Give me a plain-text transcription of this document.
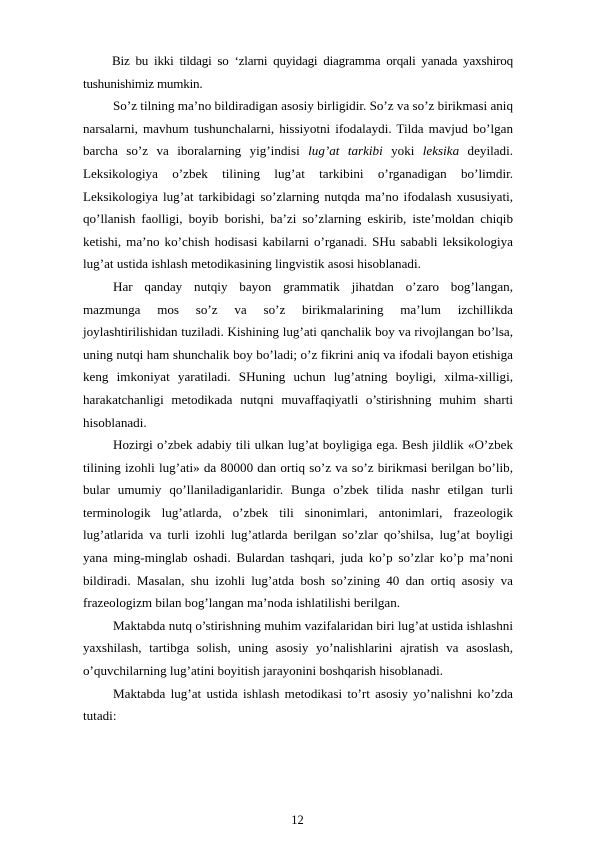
Biz bu ikki tildagi so ‘zlarni quyidagi diagramma orqali yanada yaxshiroq tushunishimiz mumkin.

So’z tilning ma’no bildiradigan asosiy birligidir. So’z va so’z birikmasi aniq narsalarni, mavhum tushunchalarni, hissiyotni ifodalaydi. Tilda mavjud bo’lgan barcha so’z va iboralarning yig’indisi lug’at tarkibi yoki leksika deyiladi. Leksikologiya o’zbek tilining lug’at tarkibini o’rganadigan bo’limdir. Leksikologiya lug’at tarkibidagi so’zlarning nutqda ma’no ifodalash xususiyati, qo’llanish faolligi, boyib borishi, ba’zi so’zlarning eskirib, iste’moldan chiqib ketishi, ma’no ko’chish hodisasi kabilarni o’rganadi. SHu sababli leksikologiya lug’at ustida ishlash metodikasining lingvistik asosi hisoblanadi.

Har qanday nutqiy bayon grammatik jihatdan o’zaro bog’langan, mazmunga mos so’z va so’z birikmalarining ma’lum izchillikda joylashtirilishidan tuziladi. Kishining lug’ati qanchalik boy va rivojlangan bo’lsa, uning nutqi ham shunchalik boy bo’ladi; o’z fikrini aniq va ifodali bayon etishiga keng imkoniyat yaratiladi. SHuning uchun lug’atning boyligi, xilma-xilligi, harakatchanligi metodikada nutqni muvaffaqiyatli o’stirishning muhim sharti hisoblanadi.

Hozirgi o’zbek adabiy tili ulkan lug’at boyligiga ega. Besh jildlik «O’zbek tilining izohli lug’ati» da 80000 dan ortiq so’z va so’z birikmasi berilgan bo’lib, bular umumiy qo’llaniladiganlaridir. Bunga o’zbek tilida nashr etilgan turli terminologik lug’atlarda, o’zbek tili sinonimlari, antonimlari, frazeologik lug’atlarida va turli izohli lug’atlarda berilgan so’zlar qo’shilsa, lug’at boyligi yana ming-minglab oshadi. Bulardan tashqari, juda ko’p so’zlar ko’p ma’noni bildiradi. Masalan, shu izohli lug’atda bosh so’zining 40 dan ortiq asosiy va frazeologizm bilan bog’langan ma’noda ishlatilishi berilgan.

Maktabda nutq o’stirishning muhim vazifalaridan biri lug’at ustida ishlashni yaxshilash, tartibga solish, uning asosiy yo’nalishlarini ajratish va asoslash, o’quvchilarning lug’atini boyitish jarayonini boshqarish hisoblanadi.

Maktabda lug’at ustida ishlash metodikasi to’rt asosiy yo’nalishni ko’zda tutadi:

12
